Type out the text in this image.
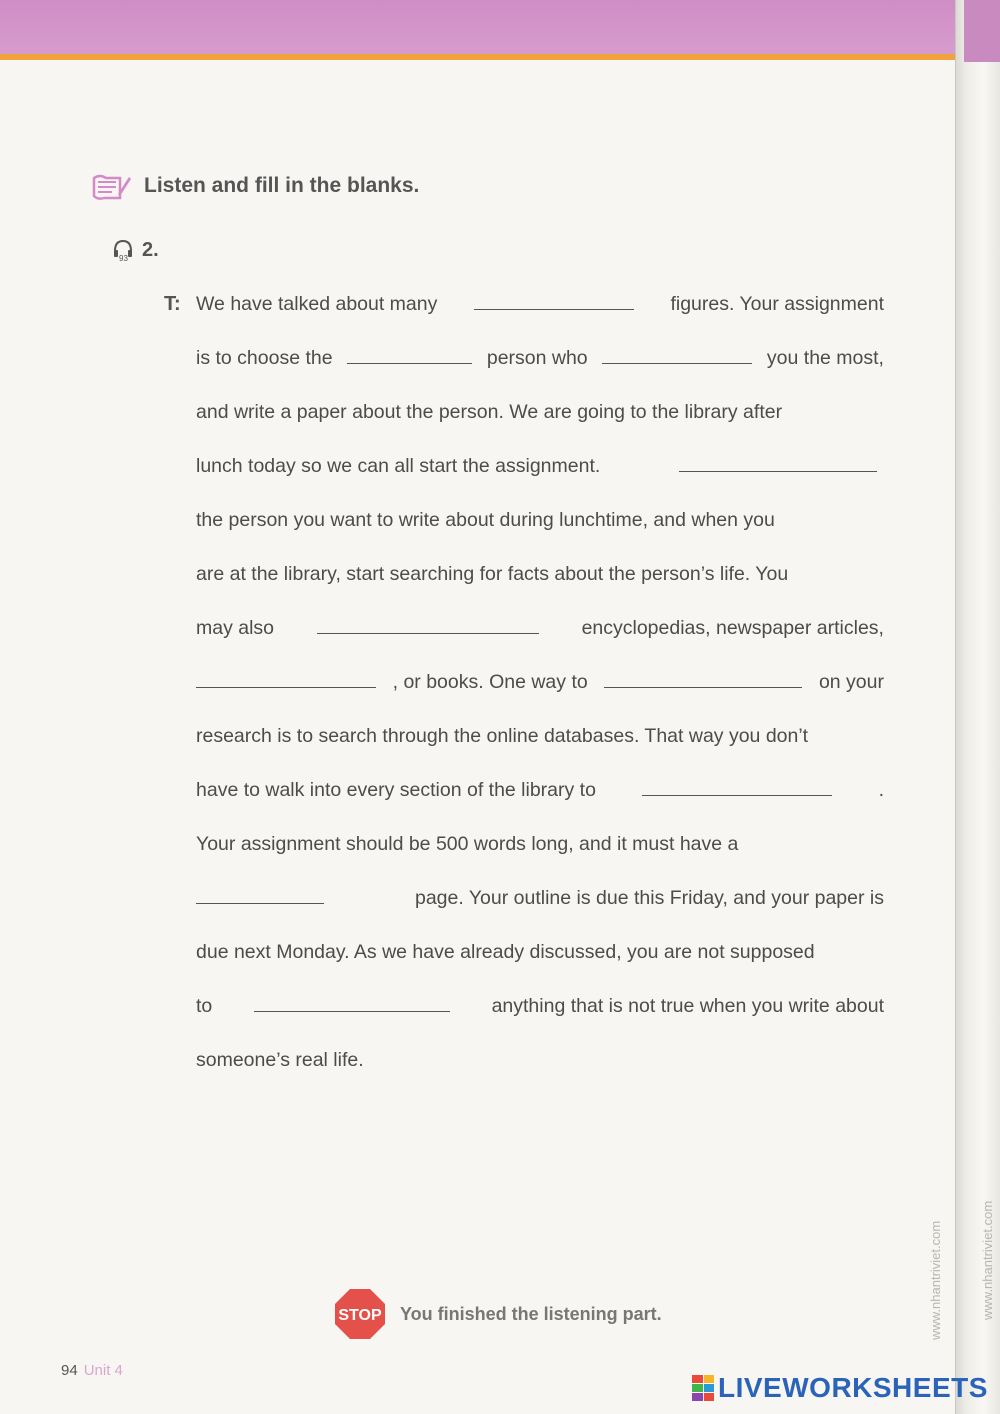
Listen and fill in the blanks.
93 2.
T: We have talked about many	figures. Your assignment
is to choose the	person who	you the most,
and write a paper about the person. We are going to the library after
lunch today so we can all start the assignment.
the person you want to write about during lunchtime, and when you
are at the library, start searching for facts about the person’s life. You
may also	encyclopedias, newspaper articles,
, or books. One way to	on your
research is to search through the online databases. That way you don’t
have to walk into every section of the library to	.
Your assignment should be 500 words long, and it must have a
page. Your outline is due this Friday, and your paper is
due next Monday. As we have already discussed, you are not supposed
to	anything that is not true when you write about
someone’s real life.
STOP You finished the listening part.
94 Unit 4
www.nhantriviet.com	www.nhantriviet.com
LIVEWORKSHEETS
